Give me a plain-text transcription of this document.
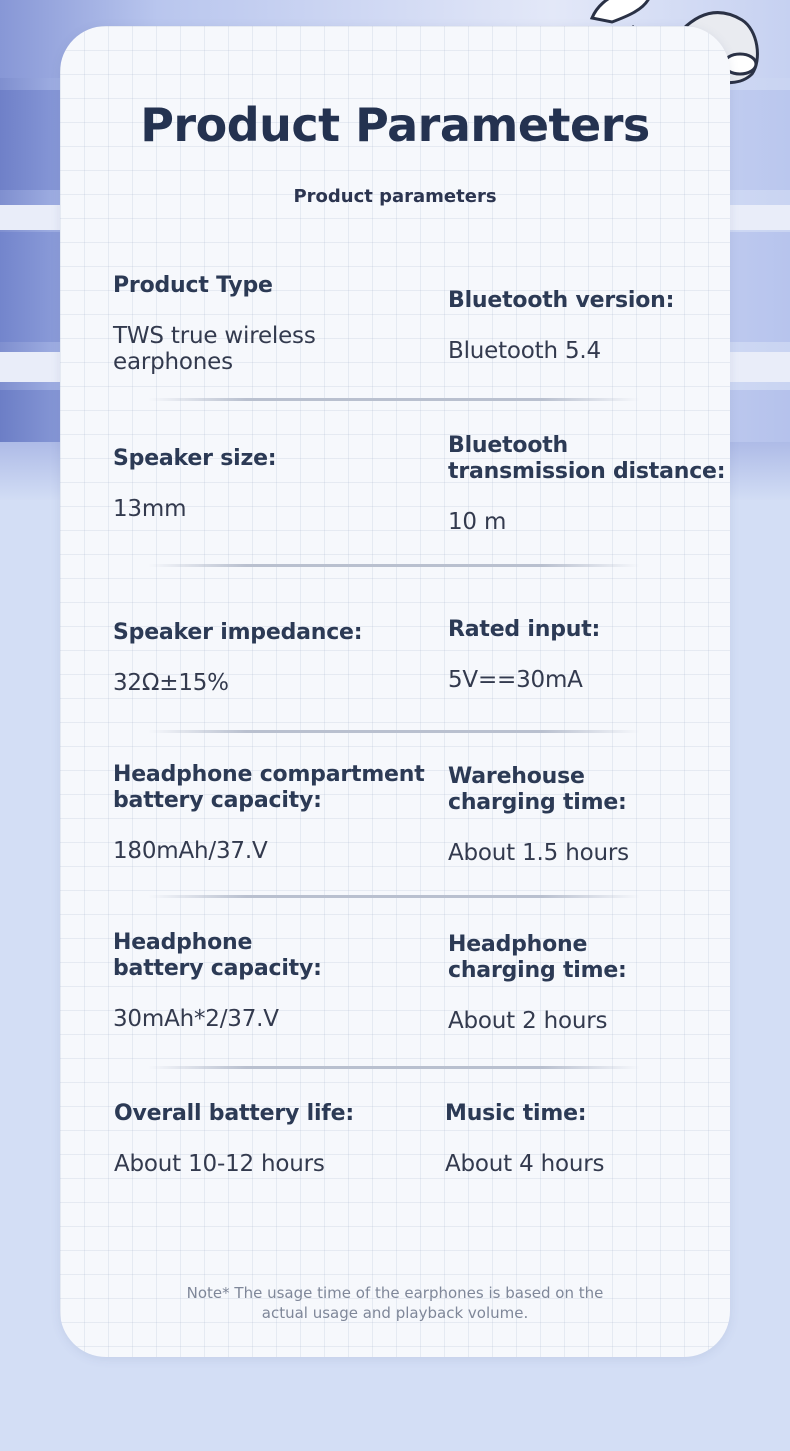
Product Parameters
Product parameters
Product Type
TWS true wireless
earphones
Bluetooth version:
Bluetooth 5.4
Speaker size:
13mm
Bluetooth
transmission distance:
10 m
Speaker impedance:
32Ω±15%
Rated input:
5V==30mA
Headphone compartment
battery capacity:
180mAh/37.V
Warehouse
charging time:
About 1.5 hours
Headphone
battery capacity:
30mAh*2/37.V
Headphone
charging time:
About 2 hours
Overall battery life:
About 10-12 hours
Music time:
About 4 hours
Note* The usage time of the earphones is based on the
actual usage and playback volume.
